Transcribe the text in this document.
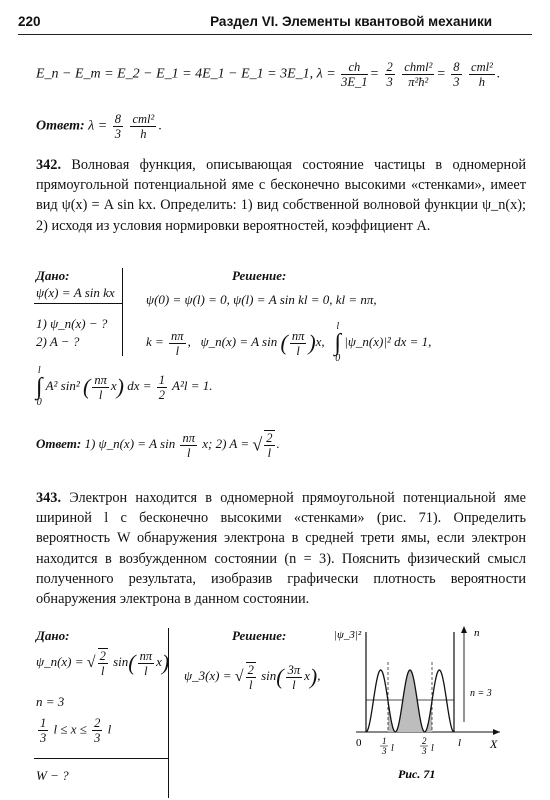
220	Раздел VI. Элементы квантовой механики
E_n − E_m = E_2 − E_1 = 4E_1 − E_1 = 3E_1, $\lambda = \frac{ch}{3E\_1} = \frac{2}{3}$
$\frac{\text{chml²}}{\text{π²ħ²}} = \frac{8}{3}$
$\frac{\text{cml²}}{h}$ .
Ответ: $\lambda = \frac{8}{3}$
$\frac{\text{cml²}}{h}$ .
342. Волновая функция, описывающая состояние частицы в одномерной прямоугольной потенциальной яме с бесконечно высокими «стенками», имеет вид ψ(x) = A sin kx. Определить: 1) вид собственной волновой функции ψ_n(x); 2) исходя из условия нормировки вероятностей, коэффициент A.
Дано:
ψ(x) = A sin kx
1) ψ_n(x) − ?
2) A − ?
Решение:
ψ(0) = ψ(l) = 0, ψ(l) = A sin kl = 0, kl = nπ,
$k = \frac{n\pi}{l}$ ,   ψ_n(x) = A sin ( $\frac{n\pi}{l} )x$,
l
∫
0
|ψ_n(x)|² dx = 1,
l
∫
0
A² sin² ( $\frac{n\pi}{l} x$) dx = $\frac{1}{2} A^2l = 1$.
Ответ: 1) ψ_n(x) = A $\sin \frac{n\pi}{l} x$; 2) A = √ $\frac{2}{l}$ .
343. Электрон находится в одномерной прямоугольной потенциальной яме шириной l с бесконечно высокими «стенками» (рис. 71). Определить вероятность W обнаружения электрона в средней трети ямы, если электрон находится в возбужденном состоянии (n = 3). Пояснить физический смысл полученного результата, изобразив графически плотность вероятности обнаружения электрона в данном состоянии.
Дано:
ψ_n(x) = √ $\frac{2}{l} \sin( \frac{n\pi}{l} x)$
n = 3
$\frac{1}{3}$ $l \le x \le \frac{2}{3}$ l
W − ?
Решение:
ψ_3(x) = √ $\frac{2}{l} \sin( \frac{3\pi}{l} x)$,
|ψ_3|²	n
n = 3
0	l X
1
3 l
2
3 l
Рис. 71
